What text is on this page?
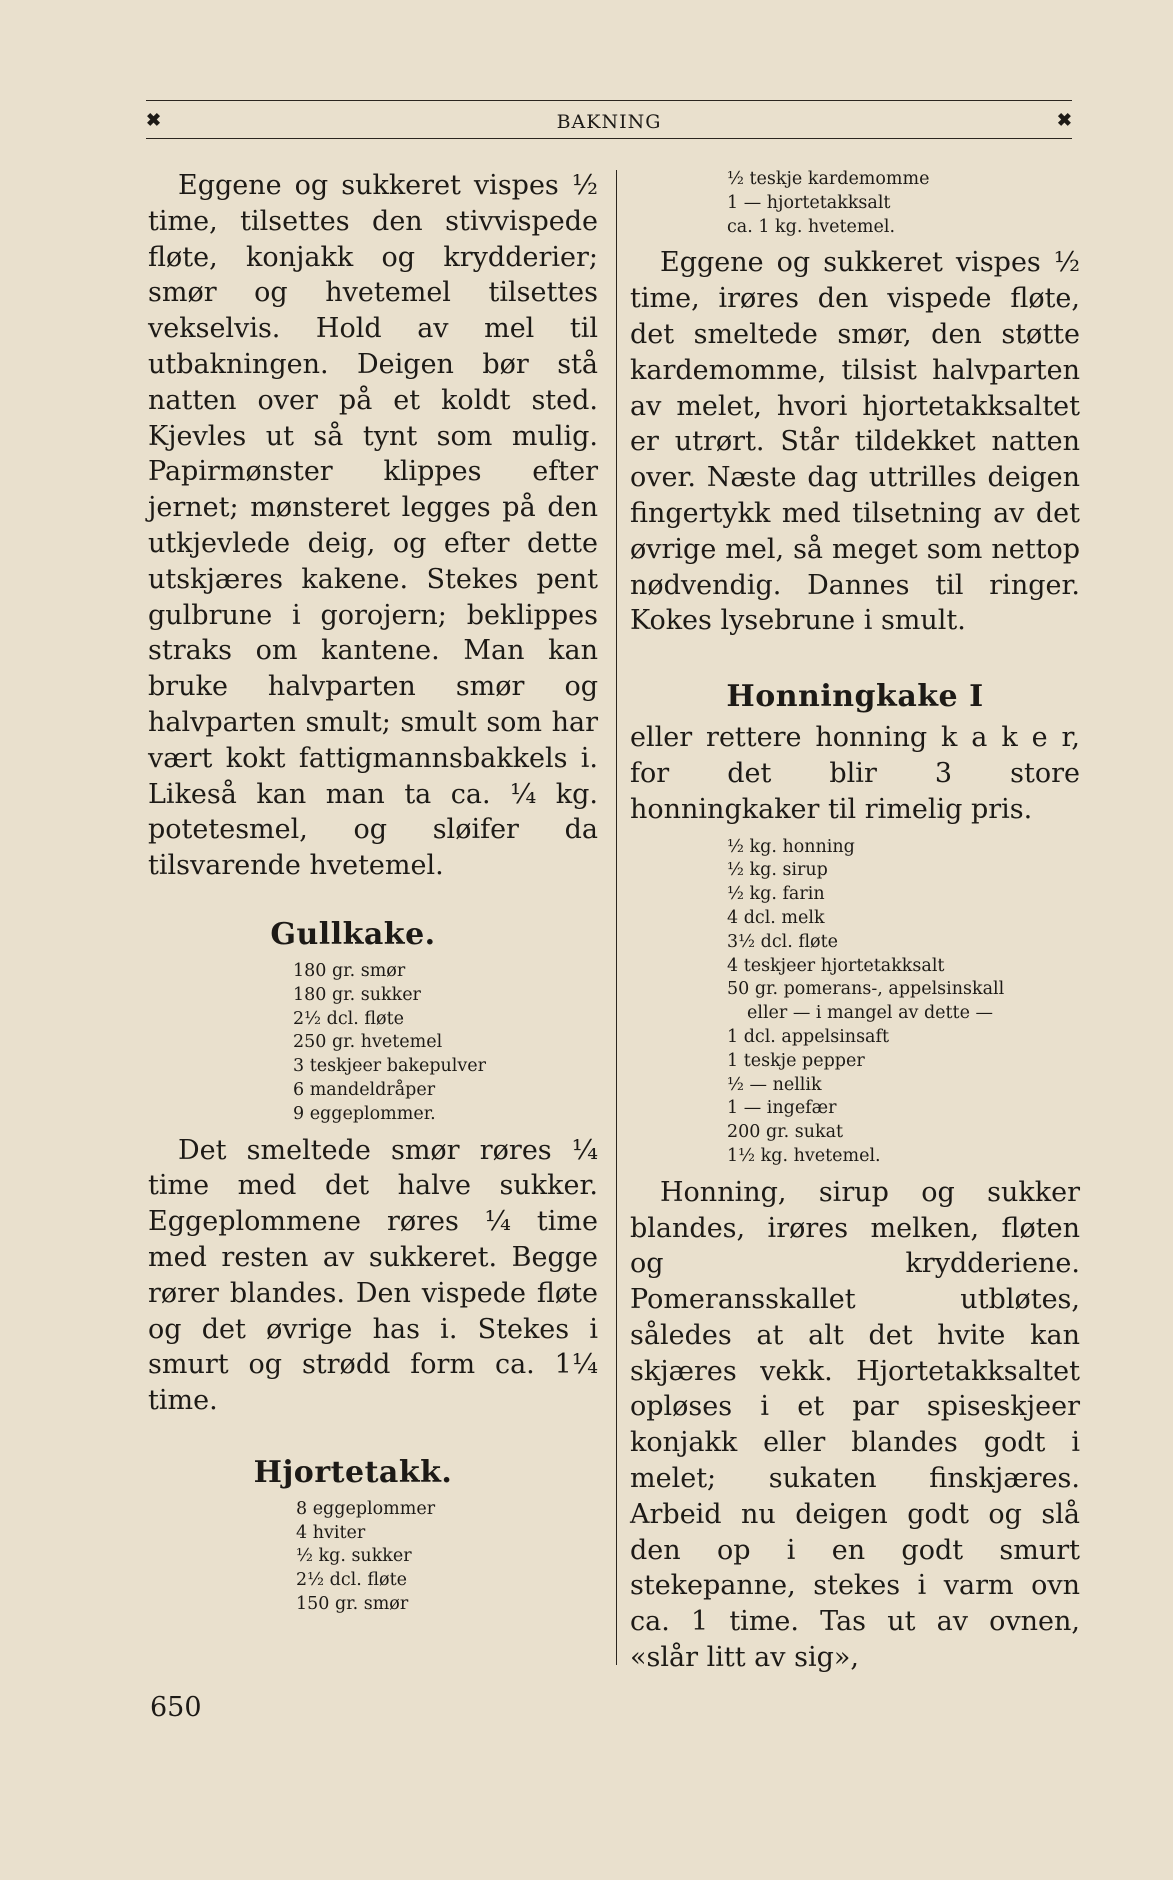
✖	BAKNING	✖

Eggene og sukkeret vispes ½ time, tilsettes den stivvispede fløte, konjakk og krydderier; smør og hvetemel tilsettes vekselvis. Hold av mel til utbakningen. Deigen bør stå natten over på et koldt sted. Kjevles ut så tynt som mulig. Papirmønster klippes efter jernet; mønsteret legges på den utkjevlede deig, og efter dette utskjæres kakene. Stekes pent gulbrune i gorojern; beklippes straks om kantene. Man kan bruke halvparten smør og halvparten smult; smult som har vært kokt fattigmannsbakkels i. Likeså kan man ta ca. ¼ kg. potetesmel, og sløifer da tilsvarende hvetemel.

Gullkake.
180 gr. smør
180 gr. sukker
2½ dcl. fløte
250 gr. hvetemel
3 teskjeer bakepulver
6 mandeldråper
9 eggeplommer.

Det smeltede smør røres ¼ time med det halve sukker. Eggeplommene røres ¼ time med resten av sukkeret. Begge rører blandes. Den vispede fløte og det øvrige has i. Stekes i smurt og strødd form ca. 1¼ time.

Hjortetakk.
8 eggeplommer
4 hviter
½ kg. sukker
2½ dcl. fløte
150 gr. smør
½ teskje kardemomme
1 — hjortetakksalt
ca. 1 kg. hvetemel.

Eggene og sukkeret vispes ½ time, irøres den vispede fløte, det smeltede smør, den støtte kardemomme, tilsist halvparten av melet, hvori hjortetakksaltet er utrørt. Står tildekket natten over. Næste dag uttrilles deigen fingertykk med tilsetning av det øvrige mel, så meget som nettop nødvendig. Dannes til ringer. Kokes lysebrune i smult.

Honningkake I

eller rettere honning k a k e r, for det blir 3 store honningkaker til rimelig pris.

½ kg. honning
½ kg. sirup
½ kg. farin
4 dcl. melk
3½ dcl. fløte
4 teskjeer hjortetakksalt
50 gr. pomerans-, appelsinskall
eller — i mangel av dette —
1 dcl. appelsinsaft
1 teskje pepper
½ — nellik
1 — ingefær
200 gr. sukat
1½ kg. hvetemel.

Honning, sirup og sukker blandes, irøres melken, fløten og krydderiene. Pomeransskallet utbløtes, således at alt det hvite kan skjæres vekk. Hjortetakksaltet opløses i et par spiseskjeer konjakk eller blandes godt i melet; sukaten finskjæres. Arbeid nu deigen godt og slå den op i en godt smurt stekepanne, stekes i varm ovn ca. 1 time. Tas ut av ovnen, «slår litt av sig»,

650
